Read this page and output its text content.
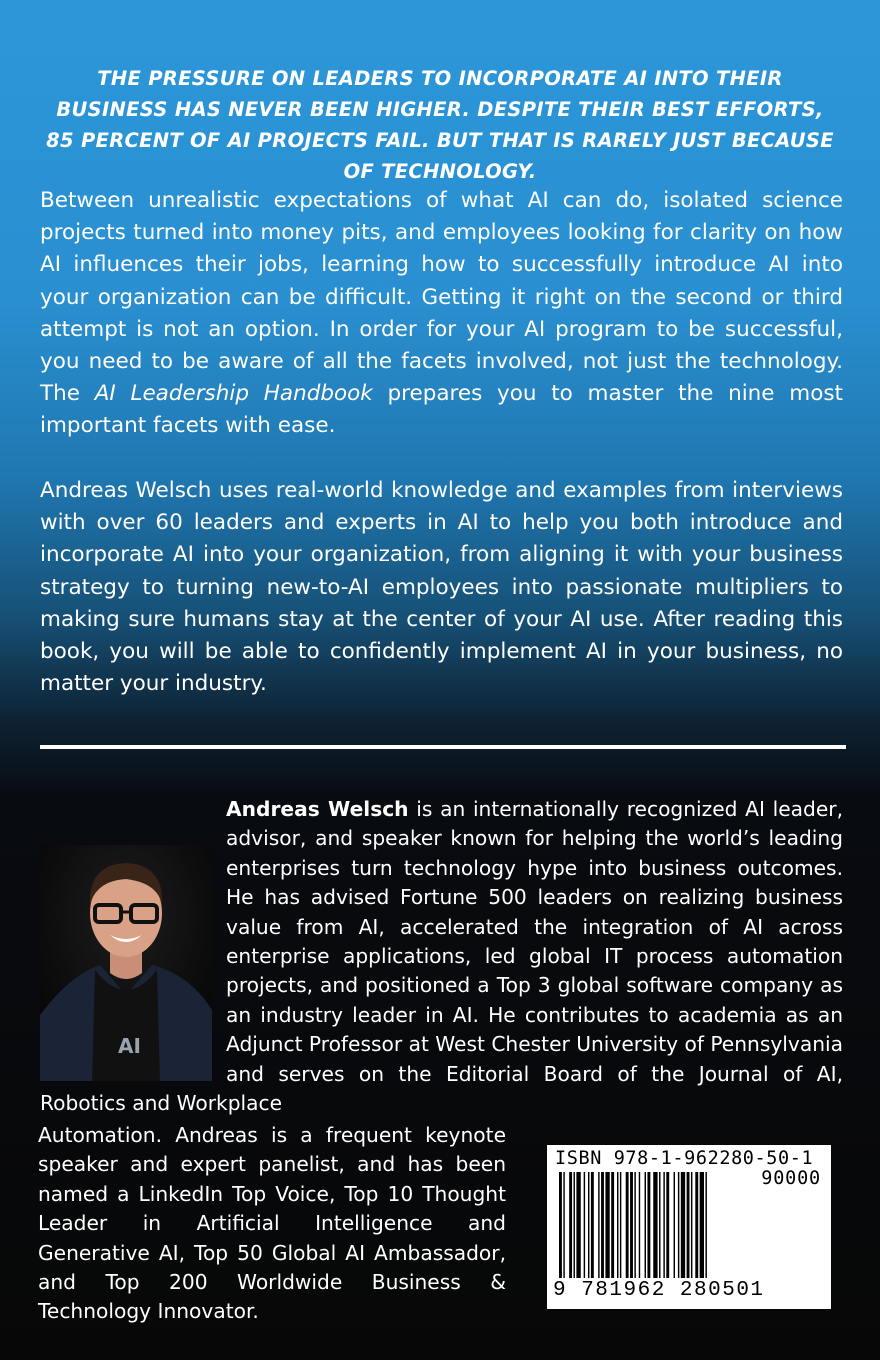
THE PRESSURE ON LEADERS TO INCORPORATE AI INTO THEIR BUSINESS HAS NEVER BEEN HIGHER. DESPITE THEIR BEST EFFORTS, 85 PERCENT OF AI PROJECTS FAIL. BUT THAT IS RARELY JUST BECAUSE OF TECHNOLOGY.

Between unrealistic expectations of what AI can do, isolated science projects turned into money pits, and employees looking for clarity on how AI influences their jobs, learning how to successfully introduce AI into your organization can be difficult. Getting it right on the second or third attempt is not an option. In order for your AI program to be successful, you need to be aware of all the facets involved, not just the technology. The AI Leadership Handbook prepares you to master the nine most important facets with ease.

Andreas Welsch uses real-world knowledge and examples from interviews with over 60 leaders and experts in AI to help you both introduce and incorporate AI into your organization, from aligning it with your business strategy to turning new-to-AI employees into passionate multipliers to making sure humans stay at the center of your AI use. After reading this book, you will be able to confidently implement AI in your business, no matter your industry.

AI

Andreas Welsch is an internationally recognized AI leader, advisor, and speaker known for helping the world’s leading enterprises turn technology hype into business outcomes. He has advised Fortune 500 leaders on realizing business value from AI, accelerated the integration of AI across enterprise applications, led global IT process automation projects, and positioned a Top 3 global software company as an industry leader in AI. He contributes to academia as an Adjunct Professor at West Chester University of Pennsylvania and serves on the Editorial Board of the Journal of AI, Robotics and Workplace

Automation. Andreas is a frequent keynote speaker and expert panelist, and has been named a LinkedIn Top Voice, Top 10 Thought Leader in Artificial Intelligence and Generative AI, Top 50 Global AI Ambassador, and Top 200 Worldwide Business & Technology Innovator.

ISBN 978-1-962280-50-1
90000
9 781962 280501
